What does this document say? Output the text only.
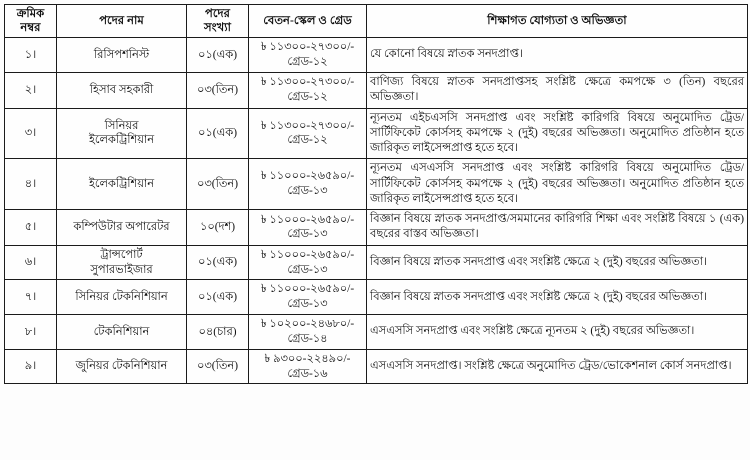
ক্রমিক
নম্বর	পদের নাম	পদের
সংখ্যা	বেতন-স্কেল ও গ্রেড	শিক্ষাগত যোগ্যতা ও অভিজ্ঞতা

১।	রিসিপশনিস্ট	০১(এক)	৳ ১১৩০০-২৭৩০০/-
গ্রেড-১২	যে কোনো বিষয়ে স্নাতক সনদপ্রাপ্ত।
২।	হিসাব সহকারী	০৩(তিন)	৳ ১১৩০০-২৭৩০০/-
গ্রেড-১২	বাণিজ্য বিষয়ে স্নাতক সনদপ্রাপ্তসহ সংশ্লিষ্ট ক্ষেত্রে কমপক্ষে ৩ (তিন) বছরের অভিজ্ঞতা।
৩।	সিনিয়র
ইলেকট্রিশিয়ান	০১(এক)	৳ ১১৩০০-২৭৩০০/-
গ্রেড-১২	ন্যূনতম এইচএসসি সনদপ্রাপ্ত এবং সংশ্লিষ্ট কারিগরি বিষয়ে অনুমোদিত ট্রেড/সার্টিফিকেট কোর্সসহ কমপক্ষে ২ (দুই) বছরের অভিজ্ঞতা। অনুমোদিত প্রতিষ্ঠান হতে জারিকৃত লাইসেন্সপ্রাপ্ত হতে হবে।
৪।	ইলেকট্রিশিয়ান	০৩(তিন)	৳ ১১০০০-২৬৫৯০/-
গ্রেড-১৩	ন্যূনতম এসএসসি সনদপ্রাপ্ত এবং সংশ্লিষ্ট কারিগরি বিষয়ে অনুমোদিত ট্রেড/সার্টিফিকেট কোর্সসহ কমপক্ষে ২ (দুই) বছরের অভিজ্ঞতা। অনুমোদিত প্রতিষ্ঠান হতে জারিকৃত লাইসেন্সপ্রাপ্ত হতে হবে।
৫।	কম্পিউটার অপারেটর	১০(দশ)	৳ ১১০০০-২৬৫৯০/-
গ্রেড-১৩	বিজ্ঞান বিষয়ে স্নাতক সনদপ্রাপ্ত/সমমানের কারিগরি শিক্ষা এবং সংশ্লিষ্ট বিষয়ে ১ (এক) বছরের বাস্তব অভিজ্ঞতা।
৬।	ট্রান্সপোর্ট
সুপারভাইজার	০১(এক)	৳ ১১০০০-২৬৫৯০/-
গ্রেড-১৩	বিজ্ঞান বিষয়ে স্নাতক সনদপ্রাপ্ত এবং সংশ্লিষ্ট ক্ষেত্রে ২ (দুই) বছরের অভিজ্ঞতা।
৭।	সিনিয়র টেকনিশিয়ান	০১(এক)	৳ ১১০০০-২৬৫৯০/-
গ্রেড-১৩	বিজ্ঞান বিষয়ে স্নাতক সনদপ্রাপ্ত এবং সংশ্লিষ্ট ক্ষেত্রে ২ (দুই) বছরের অভিজ্ঞতা।
৮।	টেকনিশিয়ান	০৪(চার)	৳ ১০২০০-২৪৬৮০/-
গ্রেড-১৪	এসএসসি সনদপ্রাপ্ত এবং সংশ্লিষ্ট ক্ষেত্রে ন্যূনতম ২ (দুই) বছরের অভিজ্ঞতা।
৯।	জুনিয়র টেকনিশিয়ান	০৩(তিন)	৳ ৯৩০০-২২৪৯০/-
গ্রেড-১৬	এসএসসি সনদপ্রাপ্ত। সংশ্লিষ্ট ক্ষেত্রে অনুমোদিত ট্রেড/ভোকেশনাল কোর্স সনদপ্রাপ্ত।
